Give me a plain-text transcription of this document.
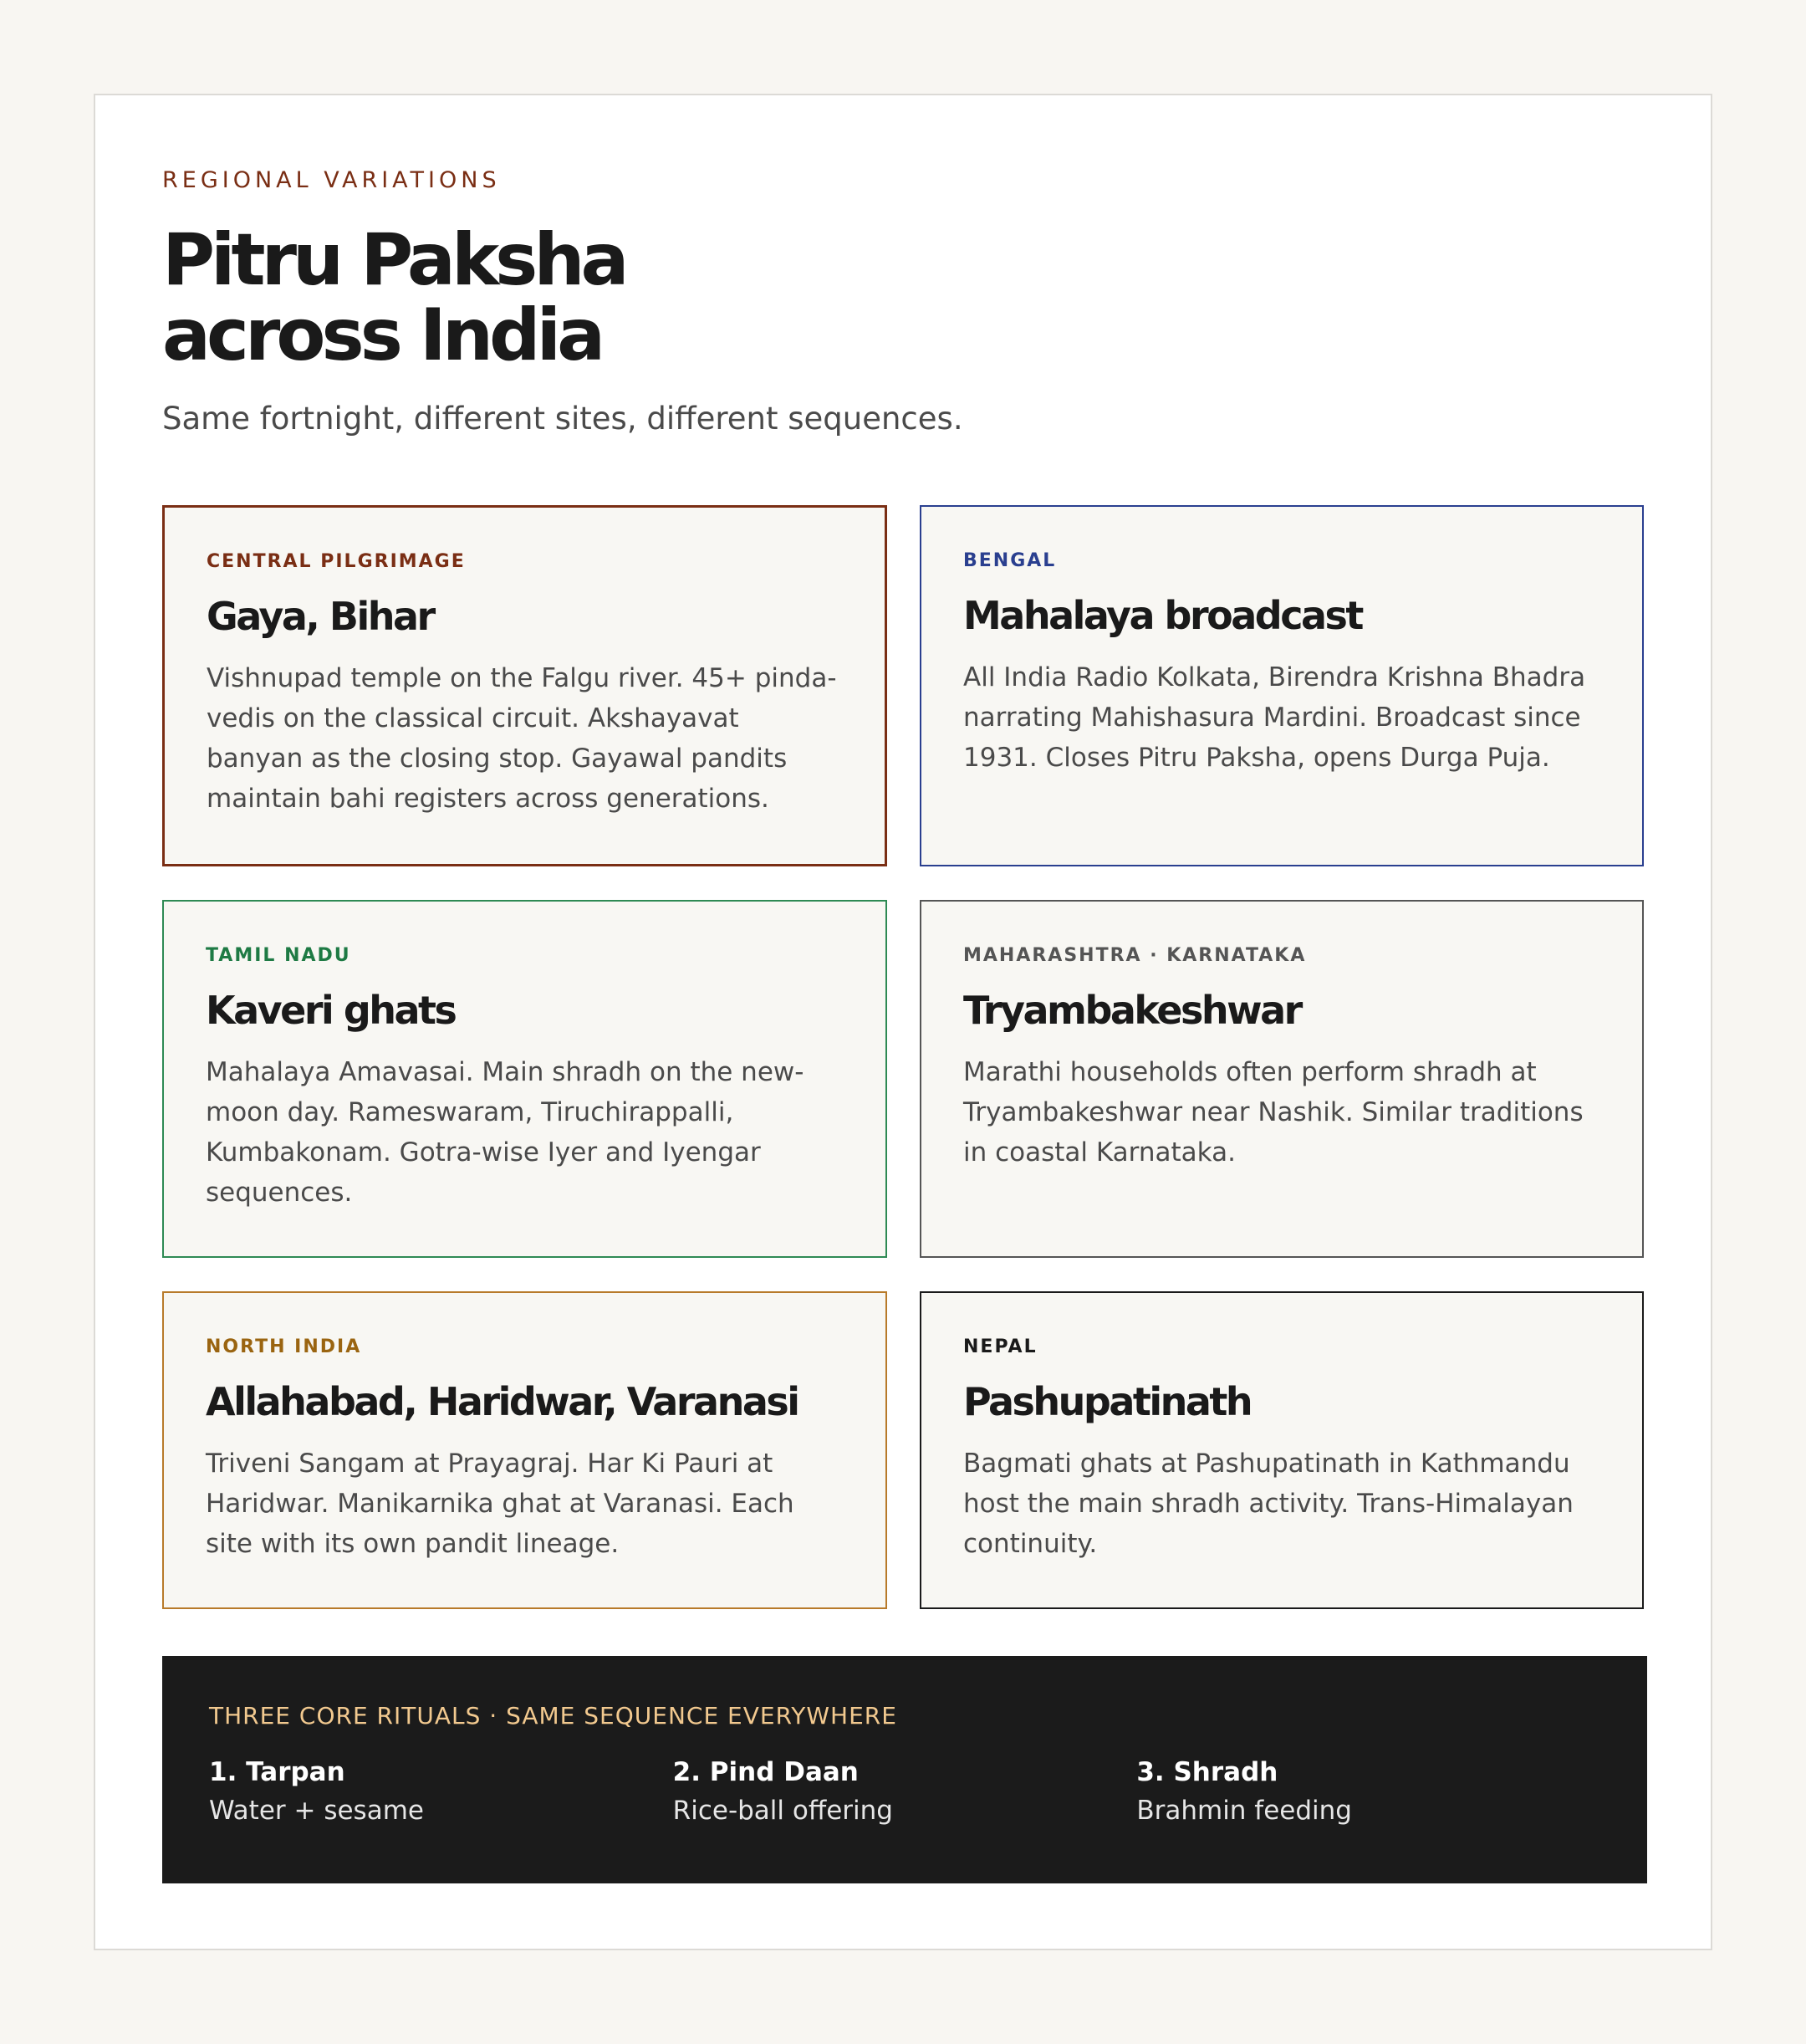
REGIONAL VARIATIONS
Pitru Paksha
across India

Same fortnight, different sites, different sequences.

CENTRAL PILGRIMAGE
Gaya, Bihar
Vishnupad temple on the Falgu river. 45+ pinda-vedis on the classical circuit. Akshayavat banyan as the closing stop. Gayawal pandits maintain bahi registers across generations.
BENGAL
Mahalaya broadcast
All India Radio Kolkata, Birendra Krishna Bhadra narrating Mahishasura Mardini. Broadcast since 1931. Closes Pitru Paksha, opens Durga Puja.
TAMIL NADU
Kaveri ghats
Mahalaya Amavasai. Main shradh on the new-moon day. Rameswaram, Tiruchirappalli, Kumbakonam. Gotra-wise Iyer and Iyengar sequences.
MAHARASHTRA · KARNATAKA
Tryambakeshwar
Marathi households often perform shradh at Tryambakeshwar near Nashik. Similar traditions in coastal Karnataka.
NORTH INDIA
Allahabad, Haridwar, Varanasi
Triveni Sangam at Prayagraj. Har Ki Pauri at Haridwar. Manikarnika ghat at Varanasi. Each site with its own pandit lineage.
NEPAL
Pashupatinath
Bagmati ghats at Pashupatinath in Kathmandu host the main shradh activity. Trans-Himalayan continuity.
THREE CORE RITUALS · SAME SEQUENCE EVERYWHERE
1. Tarpan
Water + sesame
2. Pind Daan
Rice-ball offering
3. Shradh
Brahmin feeding
